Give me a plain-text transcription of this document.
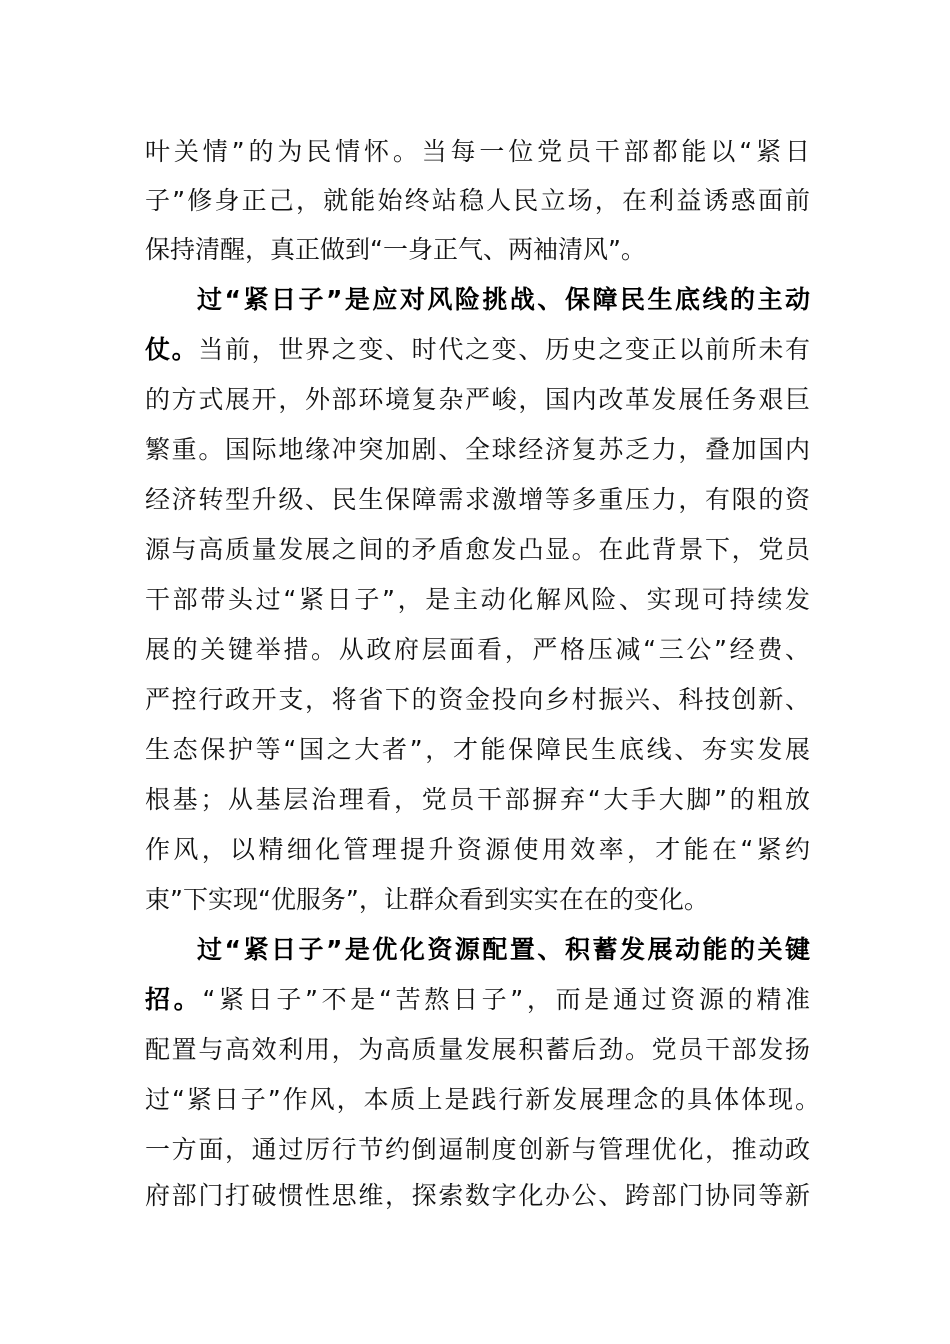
叶关情”的为民情怀。当每一位党员干部都能以“紧日
子”修身正己，就能始终站稳人民立场，在利益诱惑面前
保持清醒，真正做到“一身正气、两袖清风”。
过“紧日子”是应对风险挑战、保障民生底线的主动
仗。当前，世界之变、时代之变、历史之变正以前所未有
的方式展开，外部环境复杂严峻，国内改革发展任务艰巨
繁重。国际地缘冲突加剧、全球经济复苏乏力，叠加国内
经济转型升级、民生保障需求激增等多重压力，有限的资
源与高质量发展之间的矛盾愈发凸显。在此背景下，党员
干部带头过“紧日子”，是主动化解风险、实现可持续发
展的关键举措。从政府层面看，严格压减“三公”经费、
严控行政开支，将省下的资金投向乡村振兴、科技创新、
生态保护等“国之大者”，才能保障民生底线、夯实发展
根基；从基层治理看，党员干部摒弃“大手大脚”的粗放
作风，以精细化管理提升资源使用效率，才能在“紧约
束”下实现“优服务”，让群众看到实实在在的变化。
过“紧日子”是优化资源配置、积蓄发展动能的关键
招。“紧日子”不是“苦熬日子”，而是通过资源的精准
配置与高效利用，为高质量发展积蓄后劲。党员干部发扬
过“紧日子”作风，本质上是践行新发展理念的具体体现。
一方面，通过厉行节约倒逼制度创新与管理优化，推动政
府部门打破惯性思维，探索数字化办公、跨部门协同等新
